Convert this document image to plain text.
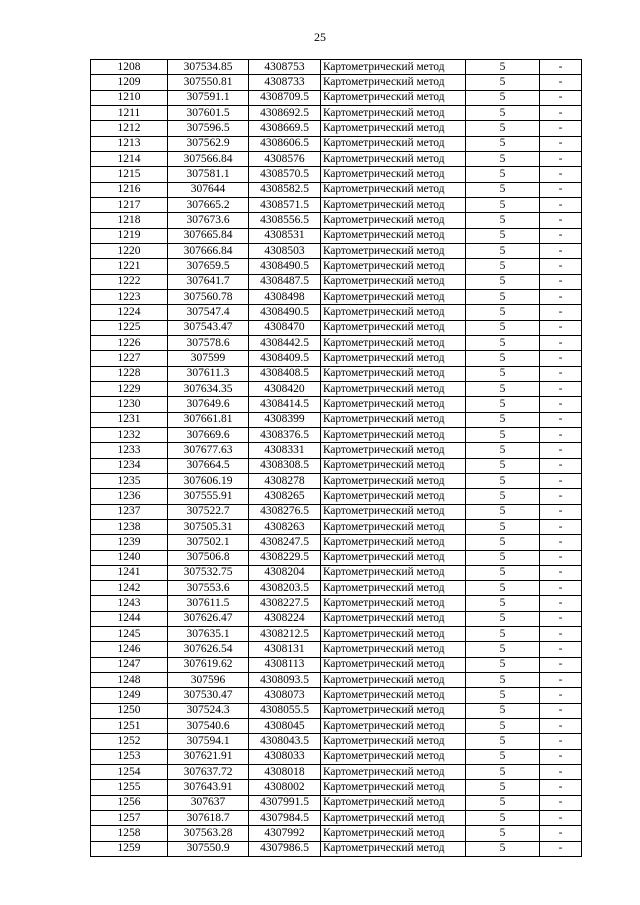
25
1208	307534.85	4308753	Картометрический метод	5	-
1209	307550.81	4308733	Картометрический метод	5	-
1210	307591.1	4308709.5	Картометрический метод	5	-
1211	307601.5	4308692.5	Картометрический метод	5	-
1212	307596.5	4308669.5	Картометрический метод	5	-
1213	307562.9	4308606.5	Картометрический метод	5	-
1214	307566.84	4308576	Картометрический метод	5	-
1215	307581.1	4308570.5	Картометрический метод	5	-
1216	307644	4308582.5	Картометрический метод	5	-
1217	307665.2	4308571.5	Картометрический метод	5	-
1218	307673.6	4308556.5	Картометрический метод	5	-
1219	307665.84	4308531	Картометрический метод	5	-
1220	307666.84	4308503	Картометрический метод	5	-
1221	307659.5	4308490.5	Картометрический метод	5	-
1222	307641.7	4308487.5	Картометрический метод	5	-
1223	307560.78	4308498	Картометрический метод	5	-
1224	307547.4	4308490.5	Картометрический метод	5	-
1225	307543.47	4308470	Картометрический метод	5	-
1226	307578.6	4308442.5	Картометрический метод	5	-
1227	307599	4308409.5	Картометрический метод	5	-
1228	307611.3	4308408.5	Картометрический метод	5	-
1229	307634.35	4308420	Картометрический метод	5	-
1230	307649.6	4308414.5	Картометрический метод	5	-
1231	307661.81	4308399	Картометрический метод	5	-
1232	307669.6	4308376.5	Картометрический метод	5	-
1233	307677.63	4308331	Картометрический метод	5	-
1234	307664.5	4308308.5	Картометрический метод	5	-
1235	307606.19	4308278	Картометрический метод	5	-
1236	307555.91	4308265	Картометрический метод	5	-
1237	307522.7	4308276.5	Картометрический метод	5	-
1238	307505.31	4308263	Картометрический метод	5	-
1239	307502.1	4308247.5	Картометрический метод	5	-
1240	307506.8	4308229.5	Картометрический метод	5	-
1241	307532.75	4308204	Картометрический метод	5	-
1242	307553.6	4308203.5	Картометрический метод	5	-
1243	307611.5	4308227.5	Картометрический метод	5	-
1244	307626.47	4308224	Картометрический метод	5	-
1245	307635.1	4308212.5	Картометрический метод	5	-
1246	307626.54	4308131	Картометрический метод	5	-
1247	307619.62	4308113	Картометрический метод	5	-
1248	307596	4308093.5	Картометрический метод	5	-
1249	307530.47	4308073	Картометрический метод	5	-
1250	307524.3	4308055.5	Картометрический метод	5	-
1251	307540.6	4308045	Картометрический метод	5	-
1252	307594.1	4308043.5	Картометрический метод	5	-
1253	307621.91	4308033	Картометрический метод	5	-
1254	307637.72	4308018	Картометрический метод	5	-
1255	307643.91	4308002	Картометрический метод	5	-
1256	307637	4307991.5	Картометрический метод	5	-
1257	307618.7	4307984.5	Картометрический метод	5	-
1258	307563.28	4307992	Картометрический метод	5	-
1259	307550.9	4307986.5	Картометрический метод	5	-
